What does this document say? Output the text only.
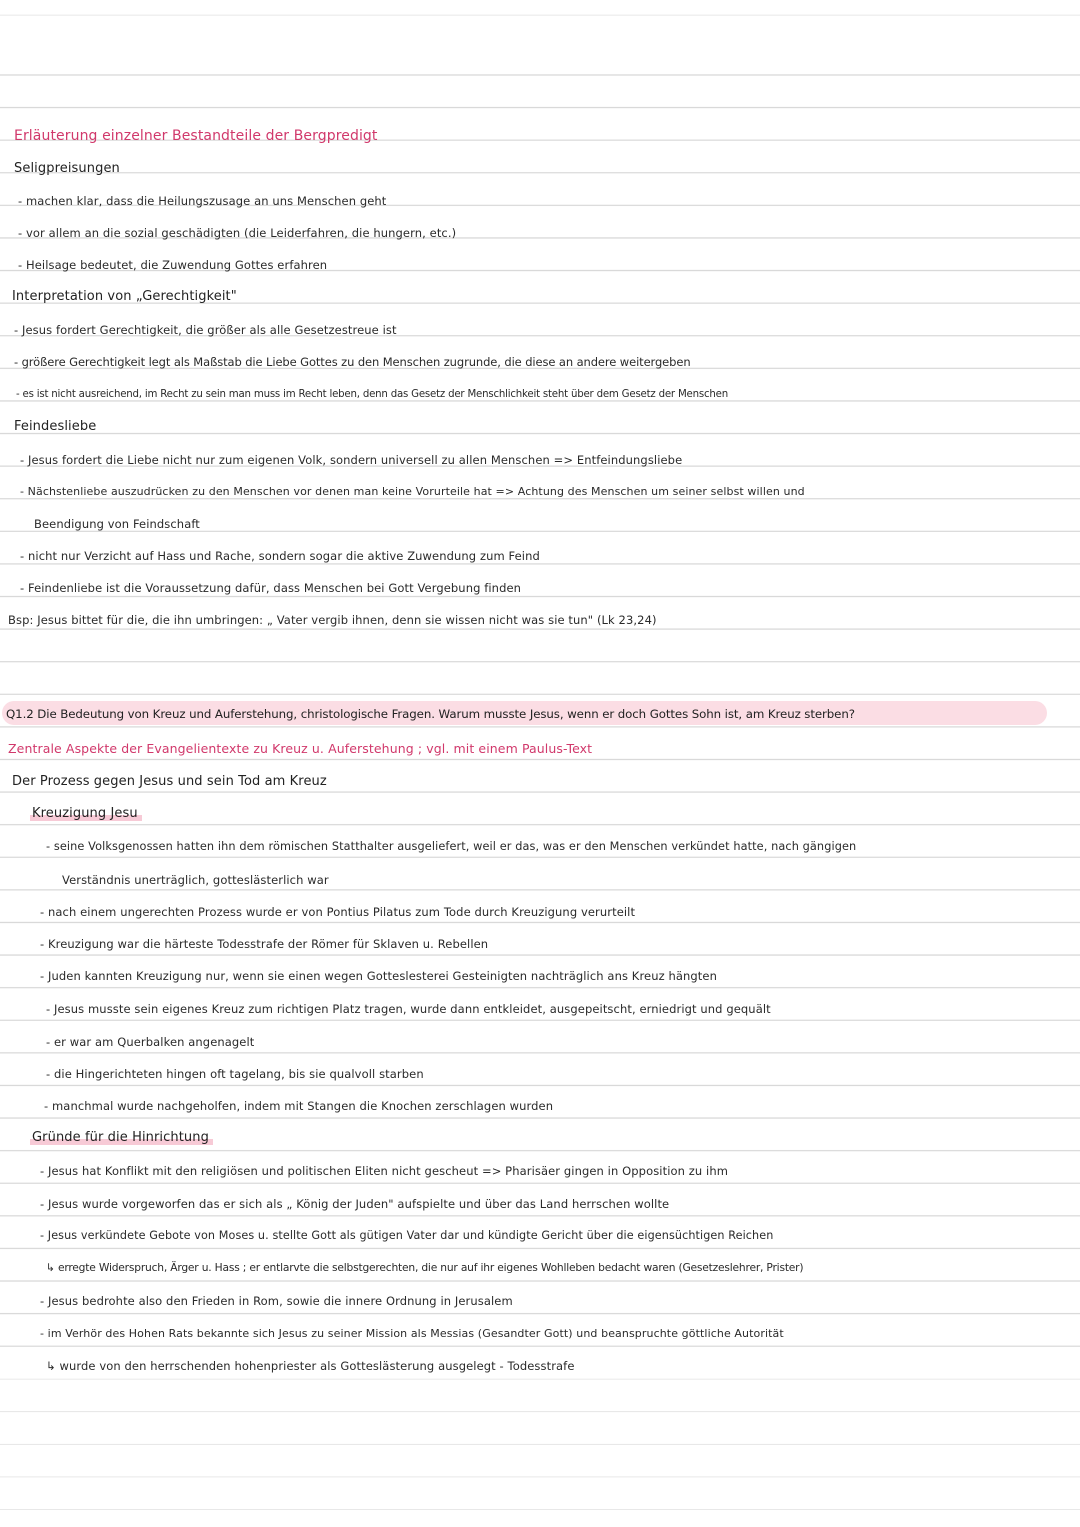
Erläuterung einzelner Bestandteile der Bergpredigt
Seligpreisungen
- machen klar, dass die Heilungszusage an uns Menschen geht
- vor allem an die sozial geschädigten (die Leiderfahren, die hungern, etc.)
- Heilsage bedeutet, die Zuwendung Gottes erfahren
Interpretation von „Gerechtigkeit"
- Jesus fordert Gerechtigkeit, die größer als alle Gesetzestreue ist
- größere Gerechtigkeit legt als Maßstab die Liebe Gottes zu den Menschen zugrunde, die diese an andere weitergeben
- es ist nicht ausreichend, im Recht zu sein man muss im Recht leben, denn das Gesetz der Menschlichkeit steht über dem Gesetz der Menschen
Feindesliebe
- Jesus fordert die Liebe nicht nur zum eigenen Volk, sondern universell zu allen Menschen => Entfeindungsliebe
- Nächstenliebe auszudrücken zu den Menschen vor denen man keine Vorurteile hat => Achtung des Menschen um seiner selbst willen und
Beendigung von Feindschaft
- nicht nur Verzicht auf Hass und Rache, sondern sogar die aktive Zuwendung zum Feind
- Feindenliebe ist die Voraussetzung dafür, dass Menschen bei Gott Vergebung finden
Bsp: Jesus bittet für die, die ihn umbringen: „ Vater vergib ihnen, denn sie wissen nicht was sie tun" (Lk 23,24)
Q1.2 Die Bedeutung von Kreuz und Auferstehung, christologische Fragen. Warum musste Jesus, wenn er doch Gottes Sohn ist, am Kreuz sterben?
Zentrale Aspekte der Evangelientexte zu Kreuz u. Auferstehung ; vgl. mit einem Paulus-Text
Der Prozess gegen Jesus und sein Tod am Kreuz
Kreuzigung Jesu
- seine Volksgenossen hatten ihn dem römischen Statthalter ausgeliefert, weil er das, was er den Menschen verkündet hatte, nach gängigen
Verständnis unerträglich, gotteslästerlich war
- nach einem ungerechten Prozess wurde er von Pontius Pilatus zum Tode durch Kreuzigung verurteilt
- Kreuzigung war die härteste Todesstrafe der Römer für Sklaven u. Rebellen
- Juden kannten Kreuzigung nur, wenn sie einen wegen Gotteslesterei Gesteinigten nachträglich ans Kreuz hängten
- Jesus musste sein eigenes Kreuz zum richtigen Platz tragen, wurde dann entkleidet, ausgepeitscht, erniedrigt und gequält
- er war am Querbalken angenagelt
- die Hingerichteten hingen oft tagelang, bis sie qualvoll starben
- manchmal wurde nachgeholfen, indem mit Stangen die Knochen zerschlagen wurden
Gründe für die Hinrichtung
- Jesus hat Konflikt mit den religiösen und politischen Eliten nicht gescheut => Pharisäer gingen in Opposition zu ihm
- Jesus wurde vorgeworfen das er sich als „ König der Juden" aufspielte und über das Land herrschen wollte
- Jesus verkündete Gebote von Moses u. stellte Gott als gütigen Vater dar und kündigte Gericht über die eigensüchtigen Reichen
↳ erregte Widerspruch, Ärger u. Hass ; er entlarvte die selbstgerechten, die nur auf ihr eigenes Wohlleben bedacht waren (Gesetzeslehrer, Prister)
- Jesus bedrohte also den Frieden in Rom, sowie die innere Ordnung in Jerusalem
- im Verhör des Hohen Rats bekannte sich Jesus zu seiner Mission als Messias (Gesandter Gott) und beanspruchte göttliche Autorität
↳ wurde von den herrschenden hohenpriester als Gotteslästerung ausgelegt - Todesstrafe
